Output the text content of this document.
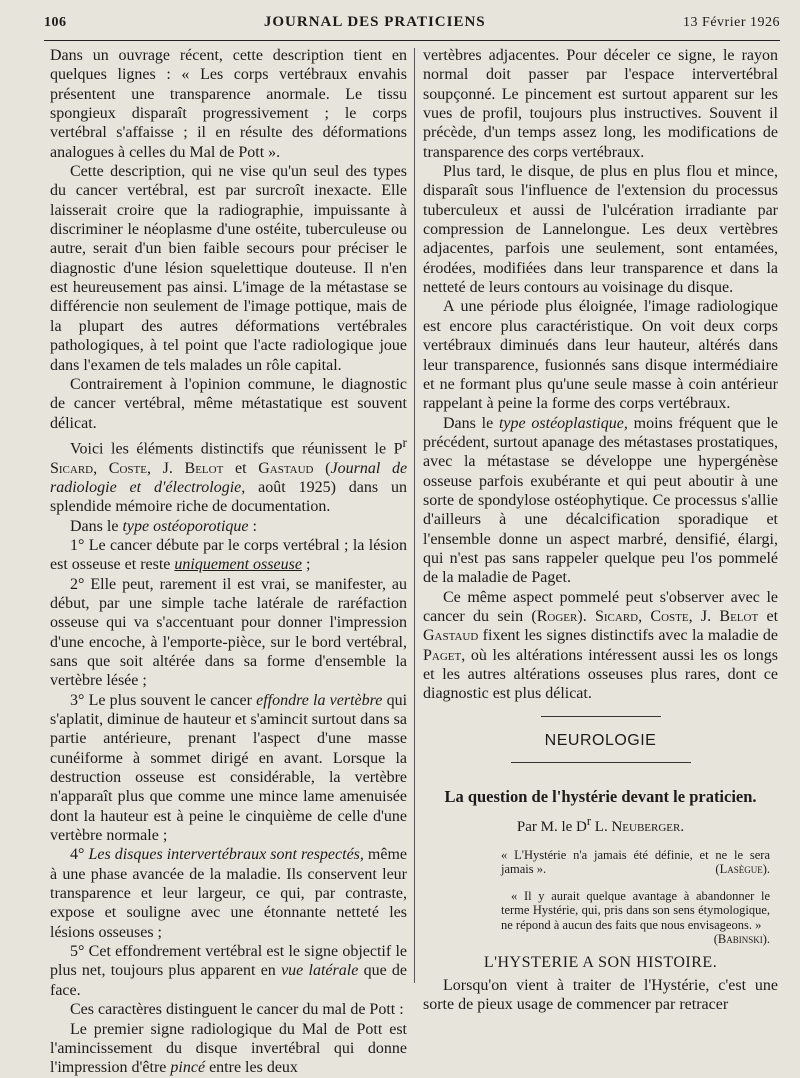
106	JOURNAL DES PRATICIENS	13 Février 1926

Dans un ouvrage récent, cette description tient en quelques lignes : « Les corps vertébraux envahis présentent une transparence anormale. Le tissu spongieux disparaît progressivement ; le corps vertébral s'affaisse ; il en résulte des déformations analogues à celles du Mal de Pott ».

Cette description, qui ne vise qu'un seul des types du cancer vertébral, est par surcroît inexacte. Elle laisserait croire que la radiographie, impuissante à discriminer le néoplasme d'une ostéite, tuberculeuse ou autre, serait d'un bien faible secours pour préciser le diagnostic d'une lésion squelettique douteuse. Il n'en est heureusement pas ainsi. L'image de la métastase se différencie non seulement de l'image pottique, mais de la plupart des autres déformations vertébrales pathologiques, à tel point que l'acte radiologique joue dans l'examen de tels malades un rôle capital.

Contrairement à l'opinion commune, le diagnostic de cancer vertébral, même métastatique est souvent délicat.

Voici les éléments distinctifs que réunissent le $P^r$ Sicard, Coste, J. Belot et Gastaud (Journal de radiologie et d'électrologie, août 1925) dans un splendide mémoire riche de documentation.

Dans le type ostéoporotique :

1° Le cancer débute par le corps vertébral ; la lésion est osseuse et reste uniquement osseuse ;

2° Elle peut, rarement il est vrai, se manifester, au début, par une simple tache latérale de raréfaction osseuse qui va s'accentuant pour donner l'impression d'une encoche, à l'emporte-pièce, sur le bord vertébral, sans que soit altérée dans sa forme d'ensemble la vertèbre lésée ;

3° Le plus souvent le cancer effondre la vertèbre qui s'aplatit, diminue de hauteur et s'amincit surtout dans sa partie antérieure, prenant l'aspect d'une masse cunéiforme à sommet dirigé en avant. Lorsque la destruction osseuse est considérable, la vertèbre n'apparaît plus que comme une mince lame amenuisée dont la hauteur est à peine le cinquième de celle d'une vertèbre normale ;

4° Les disques intervertébraux sont respectés, même à une phase avancée de la maladie. Ils conservent leur transparence et leur largeur, ce qui, par contraste, expose et souligne avec une étonnante netteté les lésions osseuses ;

5° Cet effondrement vertébral est le signe objectif le plus net, toujours plus apparent en vue latérale que de face.

Ces caractères distinguent le cancer du mal de Pott :

Le premier signe radiologique du Mal de Pott est l'amincissement du disque invertébral qui donne l'impression d'être pincé entre les deux

vertèbres adjacentes. Pour déceler ce signe, le rayon normal doit passer par l'espace intervertébral soupçonné. Le pincement est surtout apparent sur les vues de profil, toujours plus instructives. Souvent il précède, d'un temps assez long, les modifications de transparence des corps vertébraux.

Plus tard, le disque, de plus en plus flou et mince, disparaît sous l'influence de l'extension du processus tuberculeux et aussi de l'ulcération irradiante par compression de Lannelongue. Les deux vertèbres adjacentes, parfois une seulement, sont entamées, érodées, modifiées dans leur transparence et dans la netteté de leurs contours au voisinage du disque.

A une période plus éloignée, l'image radiologique est encore plus caractéristique. On voit deux corps vertébraux diminués dans leur hauteur, altérés dans leur transparence, fusionnés sans disque intermédiaire et ne formant plus qu'une seule masse à coin antérieur rappelant à peine la forme des corps vertébraux.

Dans le type ostéoplastique, moins fréquent que le précédent, surtout apanage des métastases prostatiques, avec la métastase se développe une hypergénèse osseuse parfois exubérante et qui peut aboutir à une sorte de spondylose ostéophytique. Ce processus s'allie d'ailleurs à une décalcification sporadique et l'ensemble donne un aspect marbré, densifié, élargi, qui n'est pas sans rappeler quelque peu l'os pommelé de la maladie de Paget.

Ce même aspect pommelé peut s'observer avec le cancer du sein (Roger). Sicard, Coste, J. Belot et Gastaud fixent les signes distinctifs avec la maladie de Paget, où les altérations intéressent aussi les os longs et les autres altérations osseuses plus rares, dont ce diagnostic est plus délicat.

NEUROLOGIE
La question de l'hystérie devant le praticien.
Par M. le $D^r$ L. Neuberger.

« L'Hystérie n'a jamais été définie, et ne le sera jamais ».	(Lasègue).

« Il y aurait quelque avantage à abandonner le terme Hystérie, qui, pris dans son sens étymologique, ne répond à aucun des faits que nous envisageons. »

(Babinski).

L'HYSTERIE A SON HISTOIRE.

Lorsqu'on vient à traiter de l'Hystérie, c'est une sorte de pieux usage de commencer par retracer
